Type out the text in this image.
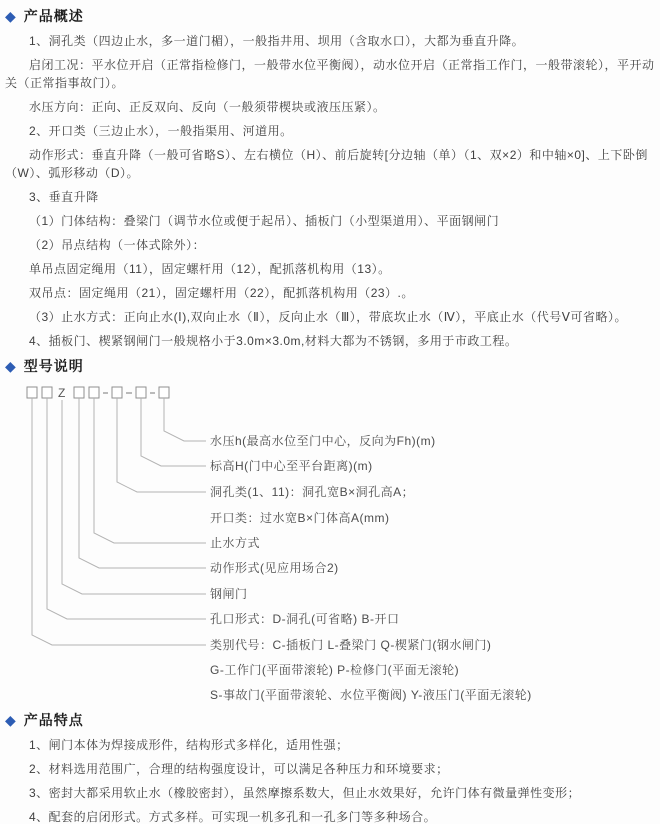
◆ 产品概述

1、洞孔类（四边止水，多一道门楣），一般指井用、坝用（含取水口），大都为垂直升降。

启闭工况：平水位开启（正常指检修门，一般带水位平衡阀），动水位开启（正常指工作门，一般带滚轮），平开动关（正常指事故门）。

水压方向：正向、正反双向、反向（一般须带楔块或液压压紧）。

2、开口类（三边止水），一般指渠用、河道用。

动作形式：垂直升降（一般可省略S）、左右横位（H）、前后旋转[分边轴（单）（1、双×2）和中轴×0]、上下卧倒（W）、弧形移动（D）。

3、垂直升降

（1）门体结构：叠梁门（调节水位或便于起吊）、插板门（小型渠道用）、平面钢闸门

（2）吊点结构（一体式除外）：

单吊点固定绳用（11），固定螺杆用（12），配抓落机构用（13）。

双吊点：固定绳用（21），固定螺杆用（22），配抓落机构用（23）.。

（3）止水方式：正向止水(Ⅰ),双向止水（Ⅱ），反向止水（Ⅲ），带底坎止水（Ⅳ），平底止水（代号Ⅴ可省略）。

4、插板门、楔紧钢闸门一般规格小于3.0m×3.0m,材料大都为不锈钢，多用于市政工程。

◆ 型号说明
Z
水压h(最高水位至门中心，反向为Fh)(m)
标高H(门中心至平台距离)(m)
洞孔类(1、11)：洞孔宽B×洞孔高A；
开口类：过水宽B×门体高A(mm)
止水方式
动作形式(见应用场合2)
钢闸门
孔口形式：D-洞孔(可省略) B-开口
类别代号：C-插板门 L-叠梁门 Q-楔紧门(钢水闸门)
G-工作门(平面带滚轮) P-检修门(平面无滚轮)
S-事故门(平面带滚轮、水位平衡阀) Y-液压门(平面无滚轮)
◆ 产品特点

1、闸门本体为焊接成形件，结构形式多样化，适用性强；

2、材料选用范围广，合理的结构强度设计，可以满足各种压力和环境要求；

3、密封大都采用软止水（橡胶密封），虽然摩擦系数大，但止水效果好，允许门体有微量弹性变形；

4、配套的启闭形式。方式多样。可实现一机多孔和一孔多门等多种场合。
